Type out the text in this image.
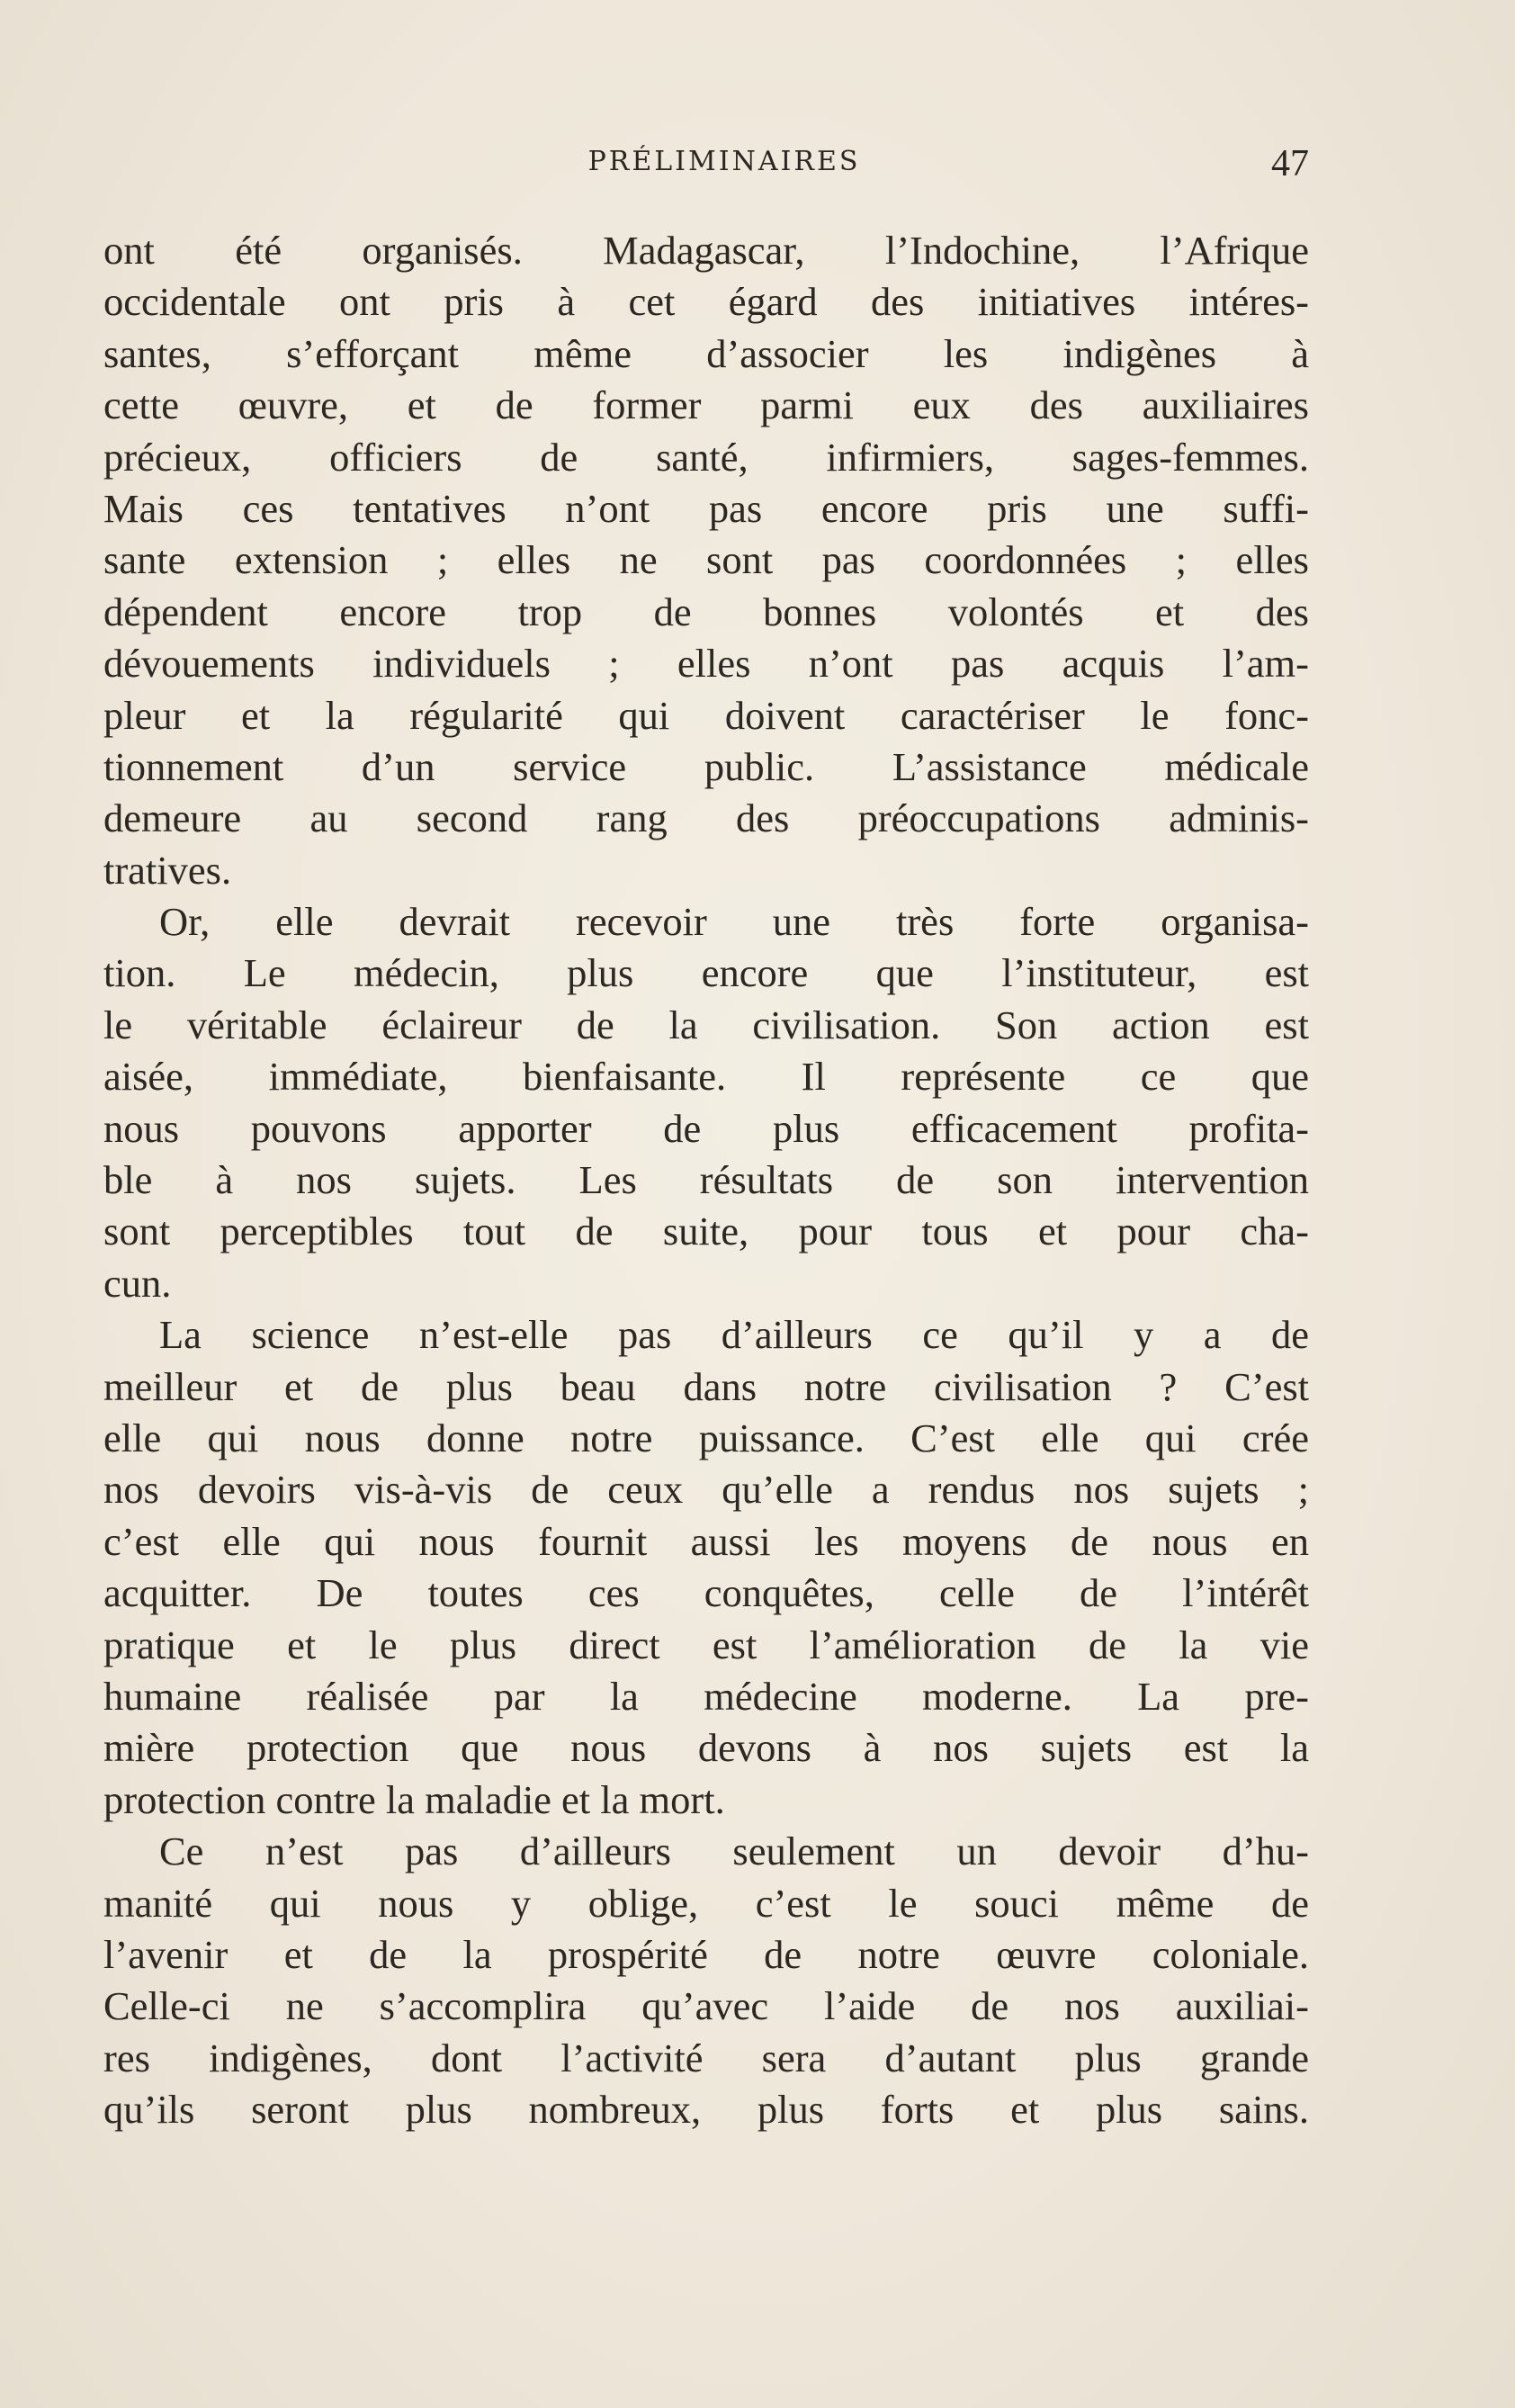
PRÉLIMINAIRES	47
ont été organisés. Madagascar, l’Indochine, l’Afrique
occidentale ont pris à cet égard des initiatives intéres-
santes, s’efforçant même d’associer les indigènes à
cette œuvre, et de former parmi eux des auxiliaires
précieux, officiers de santé, infirmiers, sages-femmes.
Mais ces tentatives n’ont pas encore pris une suffi-
sante extension ; elles ne sont pas coordonnées ; elles
dépendent encore trop de bonnes volontés et des
dévouements individuels ; elles n’ont pas acquis l’am-
pleur et la régularité qui doivent caractériser le fonc-
tionnement d’un service public. L’assistance médicale
demeure au second rang des préoccupations adminis-
tratives.
Or, elle devrait recevoir une très forte organisa-
tion. Le médecin, plus encore que l’instituteur, est
le véritable éclaireur de la civilisation. Son action est
aisée, immédiate, bienfaisante. Il représente ce que
nous pouvons apporter de plus efficacement profita-
ble à nos sujets. Les résultats de son intervention
sont perceptibles tout de suite, pour tous et pour cha-
cun.
La science n’est-elle pas d’ailleurs ce qu’il y a de
meilleur et de plus beau dans notre civilisation ? C’est
elle qui nous donne notre puissance. C’est elle qui crée
nos devoirs vis-à-vis de ceux qu’elle a rendus nos sujets ;
c’est elle qui nous fournit aussi les moyens de nous en
acquitter. De toutes ces conquêtes, celle de l’intérêt
pratique et le plus direct est l’amélioration de la vie
humaine réalisée par la médecine moderne. La pre-
mière protection que nous devons à nos sujets est la
protection contre la maladie et la mort.
Ce n’est pas d’ailleurs seulement un devoir d’hu-
manité qui nous y oblige, c’est le souci même de
l’avenir et de la prospérité de notre œuvre coloniale.
Celle-ci ne s’accomplira qu’avec l’aide de nos auxiliai-
res indigènes, dont l’activité sera d’autant plus grande
qu’ils seront plus nombreux, plus forts et plus sains.
